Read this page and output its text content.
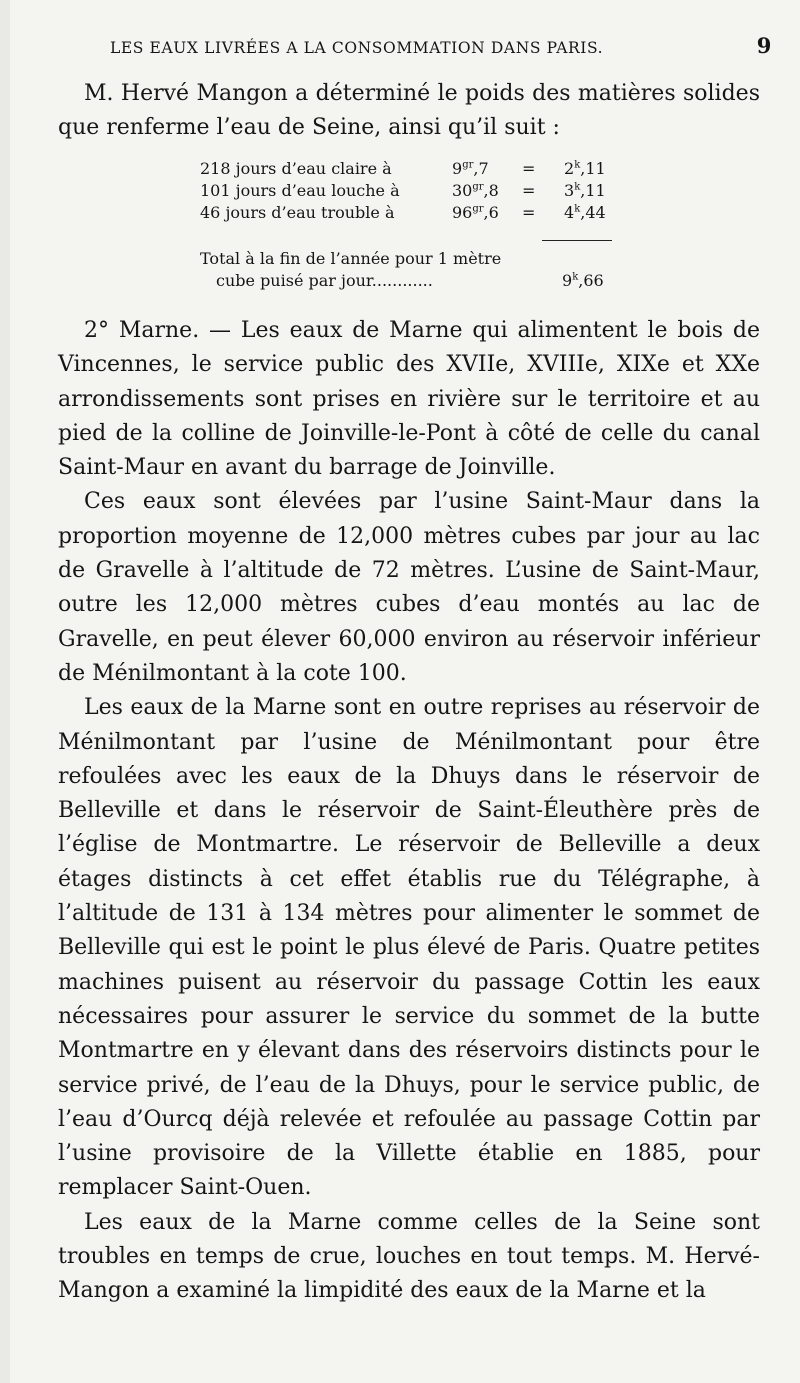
LES EAUX LIVRÉES A LA CONSOMMATION DANS PARIS.	9

M. Hervé Mangon a déterminé le poids des matières solides que renferme l’eau de Seine, ainsi qu’il suit :

218 jours d’eau claire à	$9^{gr},7 = 2^k,11$
101 jours d’eau louche à	$30^{gr},8 = 3^k,11$
46 jours d’eau trouble à	$96^{gr},6 = 4^k,44$
Total à la fin de l’année pour 1 mètre
cube puisé par jour............	9$^k$,66

2° Marne. — Les eaux de Marne qui alimentent le bois de Vincennes, le service public des XVIIe, XVIIIe, XIXe et XXe arrondissements sont prises en rivière sur le territoire et au pied de la colline de Joinville-le-Pont à côté de celle du canal Saint-Maur en avant du barrage de Joinville.

Ces eaux sont élevées par l’usine Saint-Maur dans la proportion moyenne de 12,000 mètres cubes par jour au lac de Gravelle à l’altitude de 72 mètres. L’usine de Saint-Maur, outre les 12,000 mètres cubes d’eau montés au lac de Gravelle, en peut élever 60,000 environ au réservoir inférieur de Ménilmontant à la cote 100.

Les eaux de la Marne sont en outre reprises au réservoir de Ménilmontant par l’usine de Ménilmontant pour être refoulées avec les eaux de la Dhuys dans le réservoir de Belleville et dans le réservoir de Saint-Éleuthère près de l’église de Montmartre. Le réservoir de Belleville a deux étages distincts à cet effet établis rue du Télégraphe, à l’altitude de 131 à 134 mètres pour alimenter le sommet de Belleville qui est le point le plus élevé de Paris. Quatre petites machines puisent au réservoir du passage Cottin les eaux nécessaires pour assurer le service du sommet de la butte Montmartre en y élevant dans des réservoirs distincts pour le service privé, de l’eau de la Dhuys, pour le service public, de l’eau d’Ourcq déjà relevée et refoulée au passage Cottin par l’usine provisoire de la Villette établie en 1885, pour remplacer Saint-Ouen.

Les eaux de la Marne comme celles de la Seine sont troubles en temps de crue, louches en tout temps. M. Hervé-Mangon a examiné la limpidité des eaux de la Marne et la
